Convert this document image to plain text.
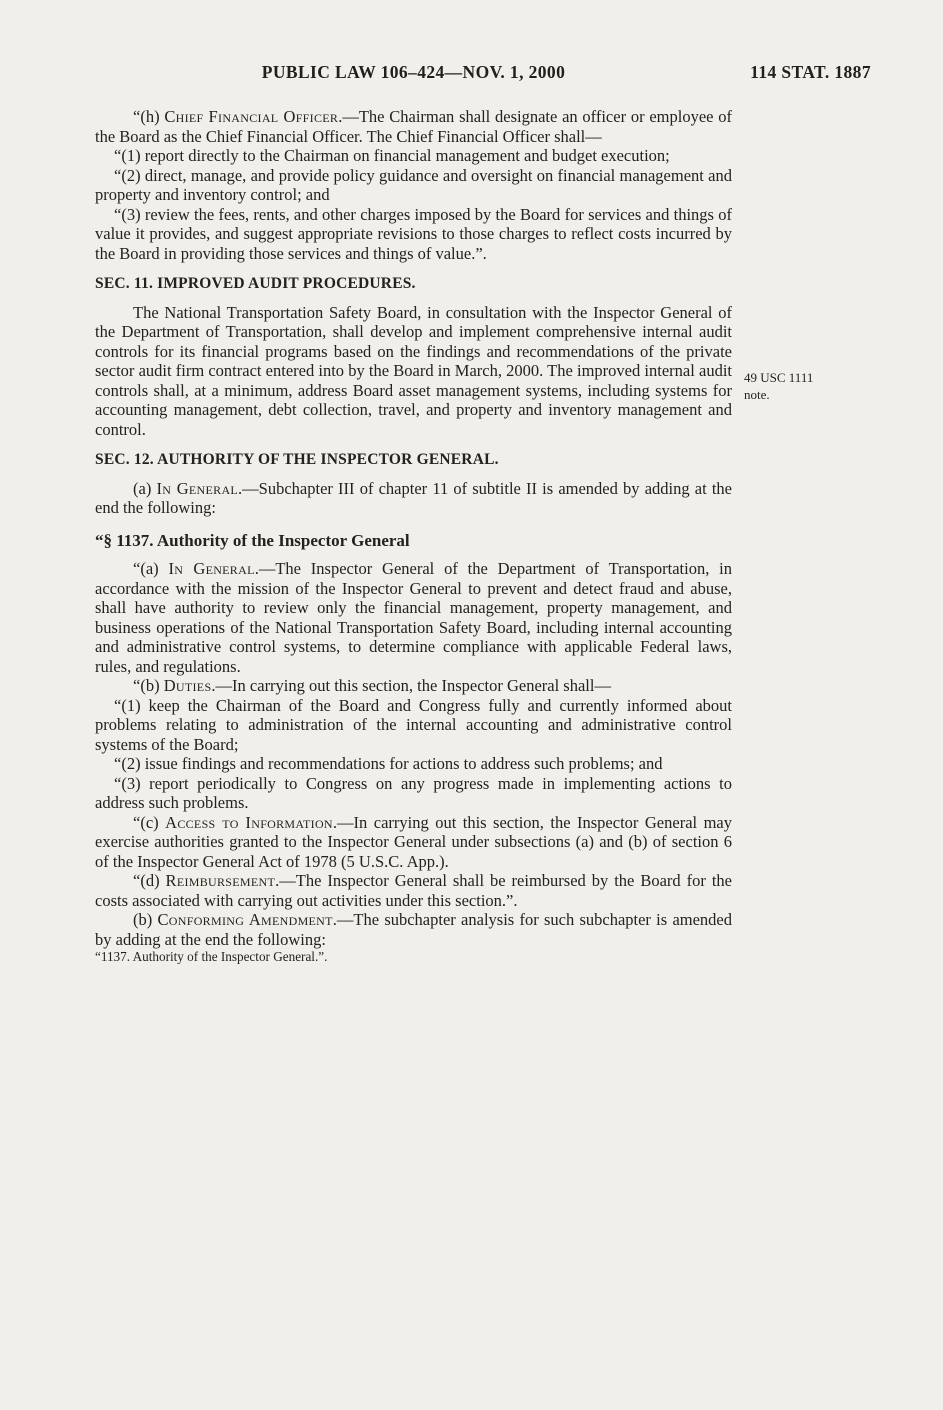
PUBLIC LAW 106–424—NOV. 1, 2000	114 STAT. 1887
49 USC 1111
note.

“(h) Chief Financial Officer.—The Chairman shall designate an officer or employee of the Board as the Chief Financial Officer. The Chief Financial Officer shall—

“(1) report directly to the Chairman on financial management and budget execution;

“(2) direct, manage, and provide policy guidance and oversight on financial management and property and inventory control; and

“(3) review the fees, rents, and other charges imposed by the Board for services and things of value it provides, and suggest appropriate revisions to those charges to reflect costs incurred by the Board in providing those services and things of value.”.

SEC. 11. IMPROVED AUDIT PROCEDURES.

The National Transportation Safety Board, in consultation with the Inspector General of the Department of Transportation, shall develop and implement comprehensive internal audit controls for its financial programs based on the findings and recommendations of the private sector audit firm contract entered into by the Board in March, 2000. The improved internal audit controls shall, at a minimum, address Board asset management systems, including systems for accounting management, debt collection, travel, and property and inventory management and control.

SEC. 12. AUTHORITY OF THE INSPECTOR GENERAL.

(a) In General.—Subchapter III of chapter 11 of subtitle II is amended by adding at the end the following:

“§ 1137. Authority of the Inspector General

“(a) In General.—The Inspector General of the Department of Transportation, in accordance with the mission of the Inspector General to prevent and detect fraud and abuse, shall have authority to review only the financial management, property management, and business operations of the National Transportation Safety Board, including internal accounting and administrative control systems, to determine compliance with applicable Federal laws, rules, and regulations.

“(b) Duties.—In carrying out this section, the Inspector General shall—

“(1) keep the Chairman of the Board and Congress fully and currently informed about problems relating to administration of the internal accounting and administrative control systems of the Board;

“(2) issue findings and recommendations for actions to address such problems; and

“(3) report periodically to Congress on any progress made in implementing actions to address such problems.

“(c) Access to Information.—In carrying out this section, the Inspector General may exercise authorities granted to the Inspector General under subsections (a) and (b) of section 6 of the Inspector General Act of 1978 (5 U.S.C. App.).

“(d) Reimbursement.—The Inspector General shall be reimbursed by the Board for the costs associated with carrying out activities under this section.”.

(b) Conforming Amendment.—The subchapter analysis for such subchapter is amended by adding at the end the following:

“1137. Authority of the Inspector General.”.
